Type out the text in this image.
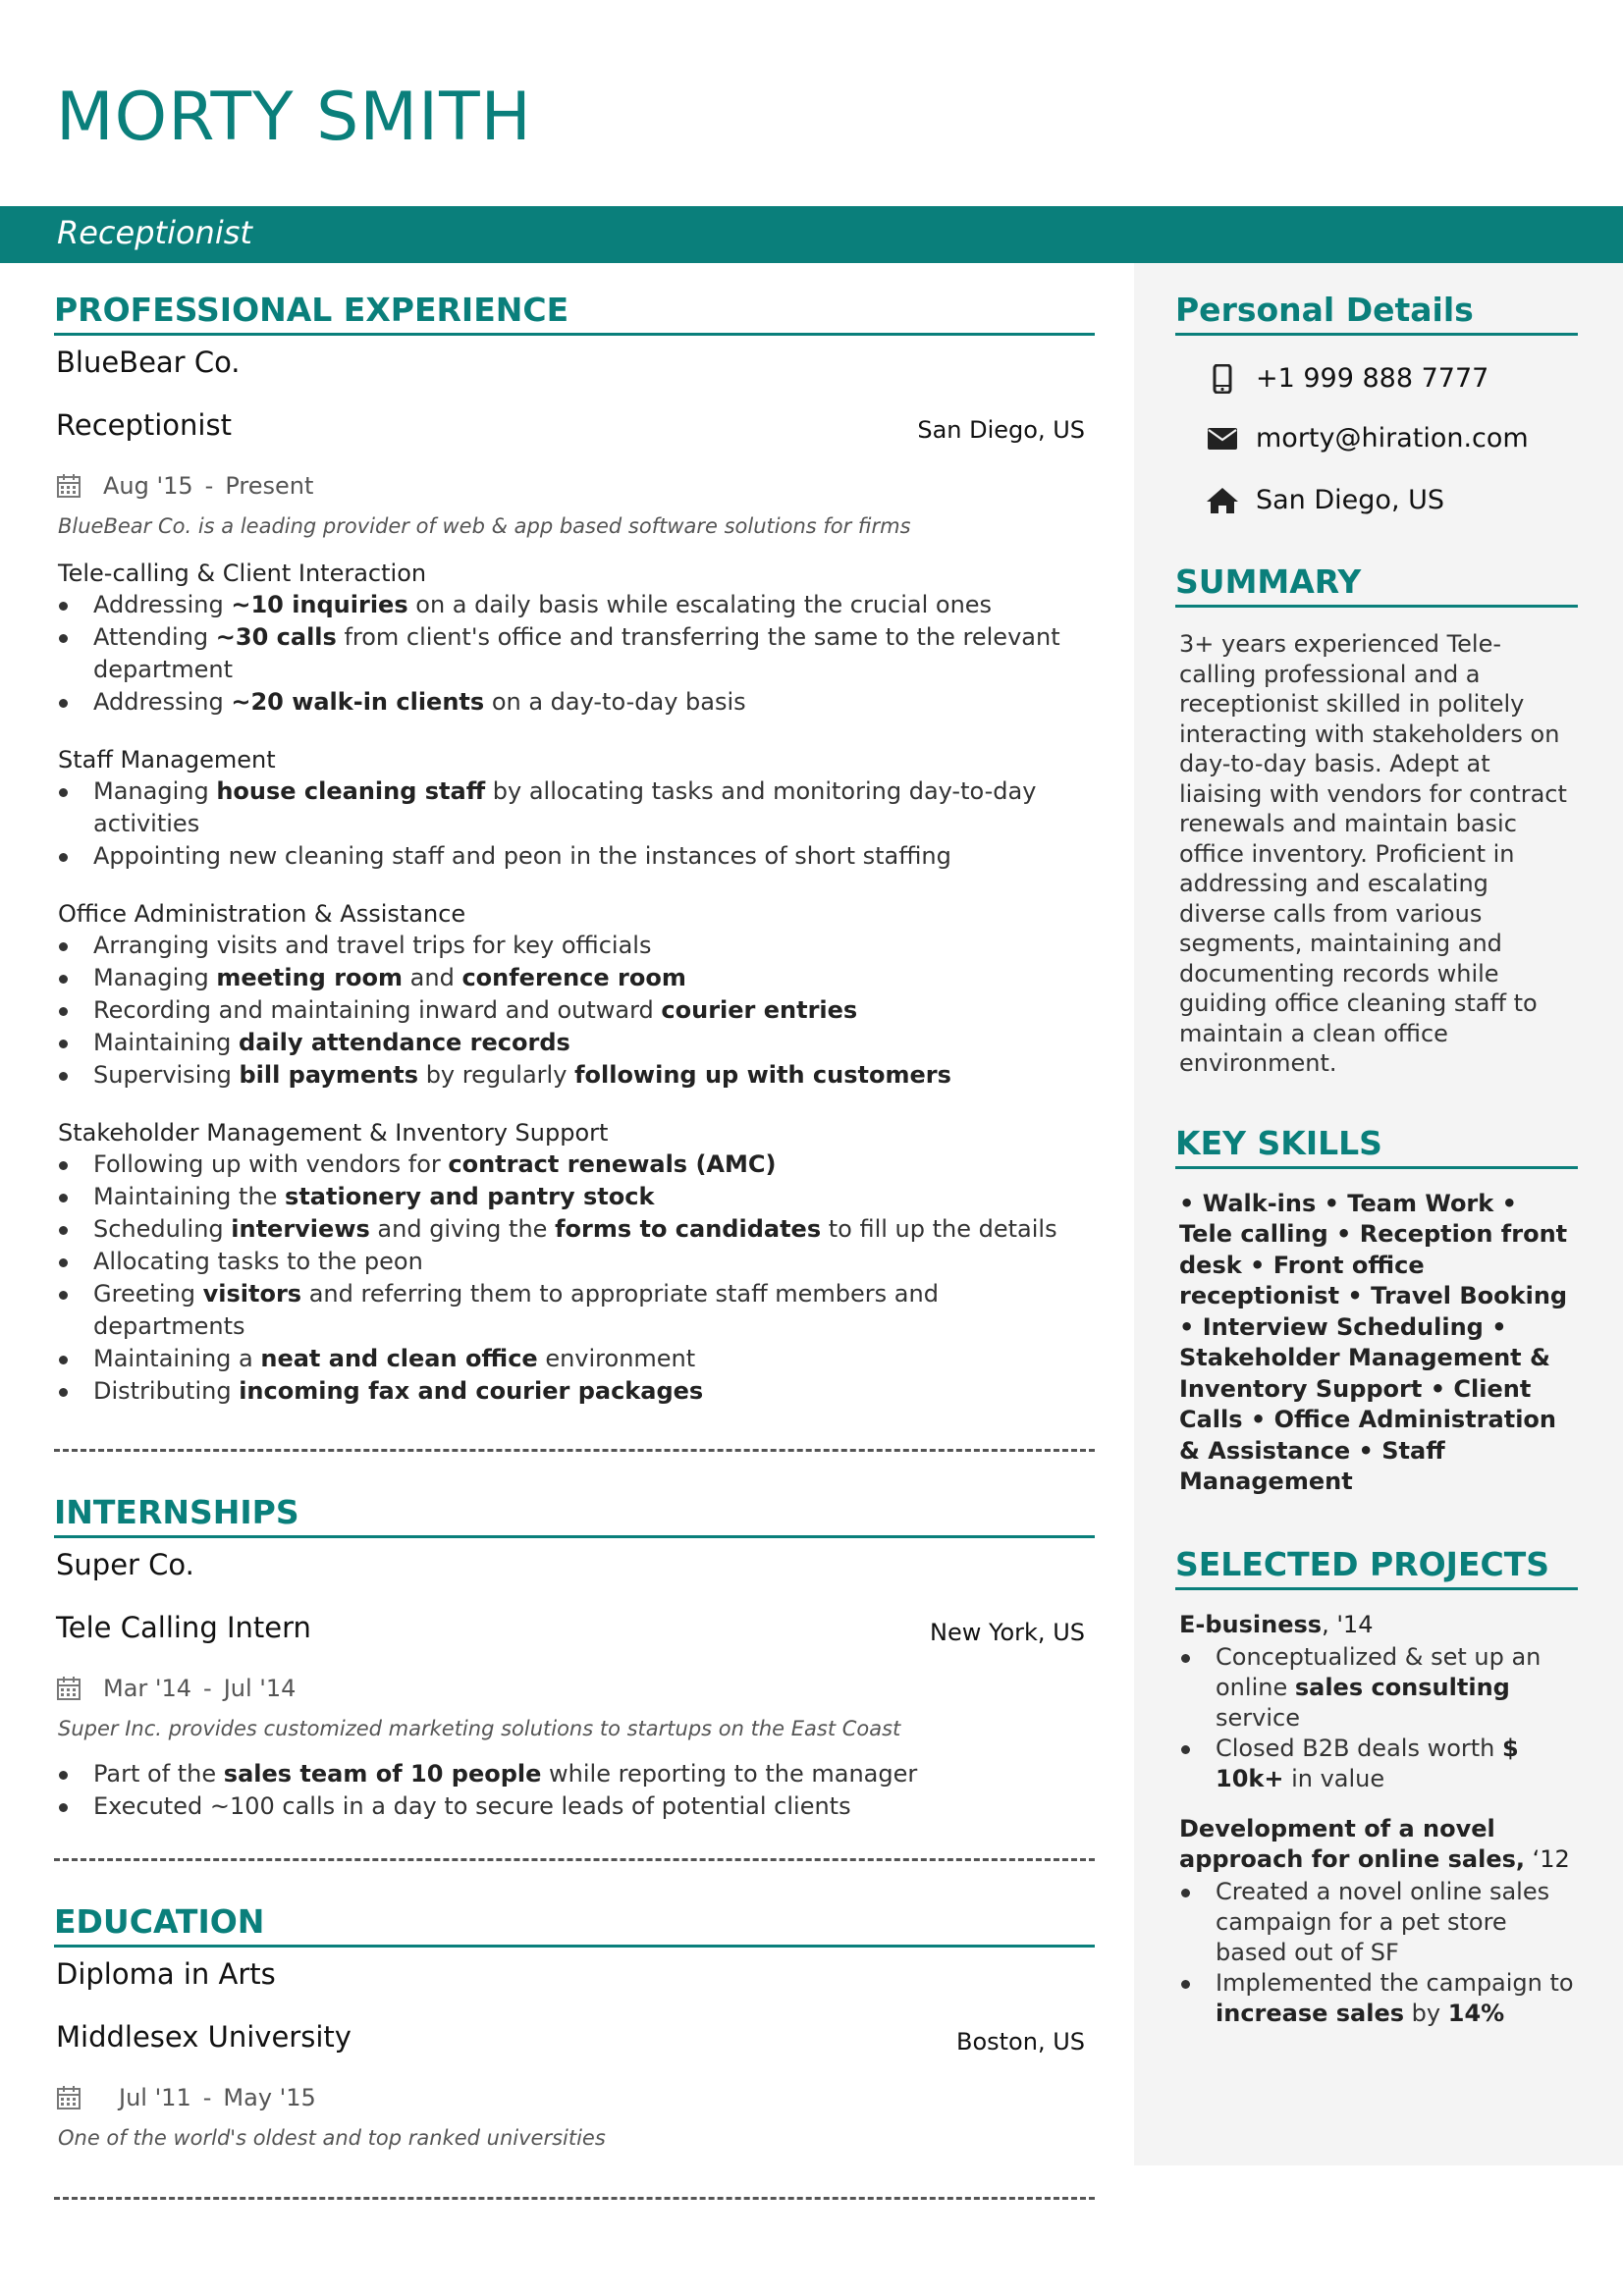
MORTY SMITH
Receptionist
PROFESSIONAL EXPERIENCE
BlueBear Co.
Receptionist	San Diego, US
Aug '15 - Present
BlueBear Co. is a leading provider of web & app based software solutions for firms
Tele-calling & Client Interaction
Addressing ~10 inquiries on a daily basis while escalating the crucial ones
Attending ~30 calls from client's office and transferring the same to the relevant department
Addressing ~20 walk-in clients on a day-to-day basis
Staff Management
Managing house cleaning staff by allocating tasks and monitoring day-to-day activities
Appointing new cleaning staff and peon in the instances of short staffing
Office Administration & Assistance
Arranging visits and travel trips for key officials
Managing meeting room and conference room
Recording and maintaining inward and outward courier entries
Maintaining daily attendance records
Supervising bill payments by regularly following up with customers
Stakeholder Management & Inventory Support
Following up with vendors for contract renewals (AMC)
Maintaining the stationery and pantry stock
Scheduling interviews and giving the forms to candidates to fill up the details
Allocating tasks to the peon
Greeting visitors and referring them to appropriate staff members and departments
Maintaining a neat and clean office environment
Distributing incoming fax and courier packages
INTERNSHIPS
Super Co.
Tele Calling Intern	New York, US
Mar '14 - Jul '14
Super Inc. provides customized marketing solutions to startups on the East Coast
Part of the sales team of 10 people while reporting to the manager
Executed ~100 calls in a day to secure leads of potential clients
EDUCATION
Diploma in Arts
Middlesex University	Boston, US
Jul '11 - May '15
One of the world's oldest and top ranked universities
Personal Details
+1 999 888 7777
morty@hiration.com
San Diego, US
SUMMARY
3+ years experienced Tele-calling professional and a receptionist skilled in politely interacting with stakeholders on day-to-day basis. Adept at liaising with vendors for contract renewals and maintain basic office inventory. Proficient in addressing and escalating diverse calls from various segments, maintaining and documenting records while guiding office cleaning staff to maintain a clean office environment.
KEY SKILLS
• Walk-ins • Team Work • Tele calling • Reception front desk • Front office receptionist • Travel Booking • Interview Scheduling • Stakeholder Management & Inventory Support • Client Calls • Office Administration & Assistance • Staff Management
SELECTED PROJECTS
E-business, '14
Conceptualized & set up an online sales consulting service
Closed B2B deals worth $ 10k+ in value
Development of a novel approach for online sales, ‘12
Created a novel online sales campaign for a pet store based out of SF
Implemented the campaign to increase sales by 14%
